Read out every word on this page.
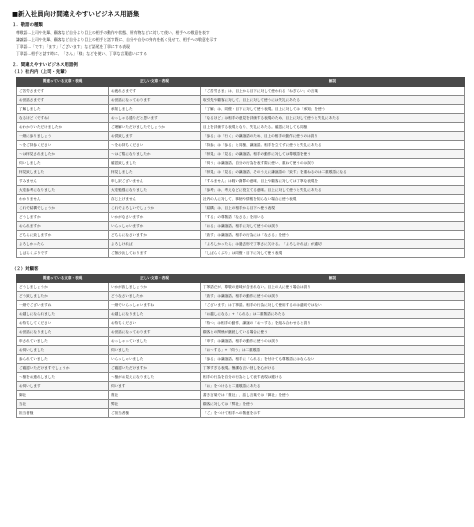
■新入社員向け間違えやすいビジネス用語集
１．敬語の種類
尊敬語…上司や先輩、顧客など自分より目上の相手の動作や状態、所有物などに対して使い、相手への敬意を表す
謙譲語…上司や先輩、顧客など自分より目上の相手と話す際に、自分や自分の身内を低く見せて、相手への敬意を示す
丁寧語…「です」「ます」「ございます」など語尾を丁寧にする表現
丁寧語…相手と話す時に、「さん」「様」などを使い、丁寧な言葉遣いにする
２．間違えやすいビジネス用語例
（１）社内内（上司・先輩）
間違っている文章・表現	正しい文章・表現	解説
ご苦労さまです	お疲れさまです	「ご苦労さま」は、目上から目下に対して使われる「ねぎらい」の言葉
お世話さまです	お世話になっております	取引先や顧客に対して、目上に対して使うには失礼にあたる
了解しました	承知しました	「了解」は、同僚・目下に対して使う表現。目上に対しては「承知」を使う
なるほど（ですね）	おっしゃる通りだと思います	「なるほど」は相手の意見を評価する表現のため、目上に対して使うと失礼にあたる
おわかりいただけましたか	ご理解いただけましたでしょうか	目上を評価する表現となり、失礼にあたる。確認に対しても同様
一緒に参りましょう	お供致します	「参る」は「行く」の謙譲語のため、目上の相手の動作に使うのは誤り
～をご持参ください	～をお持ちください	「持参」は「参る」と同様、謙譲語。相手を立てずに使うと失礼にあたる
～は拝見されましたか	～はご覧になりましたか	「拝見」は「見る」の謙譲語。相手の動作に対しては尊敬語を使う
伺いしました	確認致しました	「伺う」は謙譲語。自分の行為を表す際に使い、重ねて使うのは誤り
拝見致しました	拝見しました	「拝見」は「見る」の謙譲語、そのうえに謙譲語の「致す」を重ねるのは二重敬語になる
すみません	申し訳ございません	「すみません」は軽い謝罪の意味、目上や顧客に対しては丁寧な表現を
大変参考になりました	大変勉強になりました	「参考」は、考えなどに役立てる意味。目上に対して使うと失礼にあたる
わかりません	存じ上げません	社内の人に対して、事柄や情報を知らない場合に使う表現
これで結構でしょうか	これでよろしいでしょうか	「結構」は、目上の相手から目下へ使う表現
どうしますか	いかがなさいますか	「する」の尊敬語「なさる」を用いる
おられますか	いらっしゃいますか	「おる」は謙譲語。相手に対して使うのは誤り
どちらに致しますか	どちらになさいますか	「致す」は謙譲語。相手の行為には「なさる」を使う
よろしかったら	よろしければ	「よろしかったら」は過去形で丁寧さに欠ける。「よろしければ」が適切
しばらくぶりです	ご無沙汰しております	「しばらくぶり」は同僚・目下に対して使う表現
（２）対顧客
間違っている文章・表現	正しい文章・表現	解説
どうしましょうか	いかが致しましょうか	丁寧語だが、尊敬の意味が含まれない。目上の人に使う場合は誤り
どう致しましたか	どうなさいましたか	「致す」は謙譲語。相手の動作に使うのは誤り
一緒でございますね	一緒でいらっしゃいますね	「ございます」は丁寧語。相手の行為に対して使用するのは適切ではない
お越しになられました	お越しになりました	「お越しになる」+「られる」は二重敬語にあたる
お待ちしてください	お待ちください	「待つ」は相手の動作、謙譲の「お～する」を組み合わせると誤り
お世話になりました	お世話になっております	顧客との関係が継続している場合に使う
申されていました	おっしゃっていました	「申す」は謙譲語。相手の動作に使うのは誤り
お伺いしました	伺いました	「お～する」+「伺う」は二重敬語
参られていました	いらっしゃいました	「参る」は謙譲語。相手に「られる」を付けても尊敬語にはならない
ご確認いただけますでしょうか	ご確認いただけますか	丁寧すぎる表現。簡潔な言い回しを心がける
～様をお連れしました	～様がお見えになりました	相手の行為を自分の行為として表す表現は避ける
お伺いします	伺います	「お」をつけると二重敬語にあたる
御社	貴社	書き言葉では「貴社」、話し言葉では「御社」を使う
当社	弊社	顧客に対しては「弊社」を使う
担当者様	ご担当者様	「ご」をつけて相手への敬意を示す
